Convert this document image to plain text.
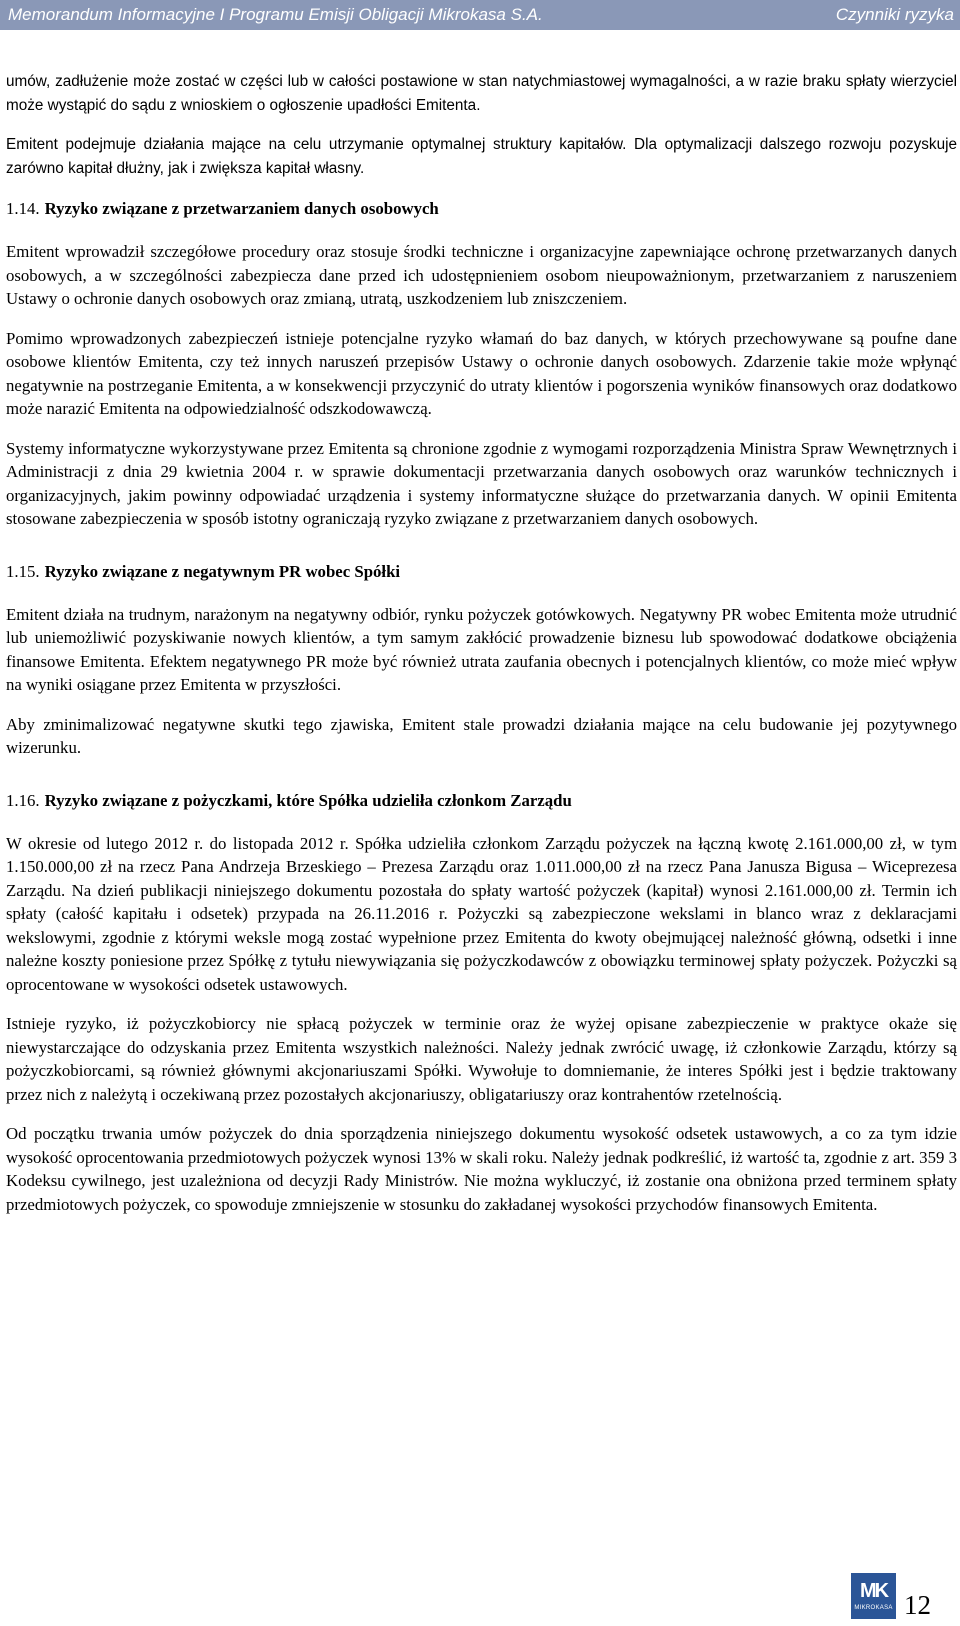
Memorandum Informacyjne I Programu Emisji Obligacji Mikrokasa S.A.	Czynniki ryzyka

umów, zadłużenie może zostać w części lub w całości postawione w stan natychmiastowej wymagalności, a w razie braku spłaty wierzyciel może wystąpić do sądu z wnioskiem o ogłoszenie upadłości Emitenta.

Emitent podejmuje działania mające na celu utrzymanie optymalnej struktury kapitałów. Dla optymalizacji dalszego rozwoju pozyskuje zarówno kapitał dłużny, jak i zwiększa kapitał własny.

1.14. Ryzyko związane z przetwarzaniem danych osobowych

Emitent wprowadził szczegółowe procedury oraz stosuje środki techniczne i organizacyjne zapewniające ochronę przetwarzanych danych osobowych, a w szczególności zabezpiecza dane przed ich udostępnieniem osobom nieupoważnionym, przetwarzaniem z naruszeniem Ustawy o ochronie danych osobowych oraz zmianą, utratą, uszkodzeniem lub zniszczeniem.

Pomimo wprowadzonych zabezpieczeń istnieje potencjalne ryzyko włamań do baz danych, w których przechowywane są poufne dane osobowe klientów Emitenta, czy też innych naruszeń przepisów Ustawy o ochronie danych osobowych. Zdarzenie takie może wpłynąć negatywnie na postrzeganie Emitenta, a w konsekwencji przyczynić do utraty klientów i pogorszenia wyników finansowych oraz dodatkowo może narazić Emitenta na odpowiedzialność odszkodowawczą.

Systemy informatyczne wykorzystywane przez Emitenta są chronione zgodnie z wymogami rozporządzenia Ministra Spraw Wewnętrznych i Administracji z dnia 29 kwietnia 2004 r. w sprawie dokumentacji przetwarzania danych osobowych oraz warunków technicznych i organizacyjnych, jakim powinny odpowiadać urządzenia i systemy informatyczne służące do przetwarzania danych. W opinii Emitenta stosowane zabezpieczenia w sposób istotny ograniczają ryzyko związane z przetwarzaniem danych osobowych.

1.15. Ryzyko związane z negatywnym PR wobec Spółki

Emitent działa na trudnym, narażonym na negatywny odbiór, rynku pożyczek gotówkowych. Negatywny PR wobec Emitenta może utrudnić lub uniemożliwić pozyskiwanie nowych klientów, a tym samym zakłócić prowadzenie biznesu lub spowodować dodatkowe obciążenia finansowe Emitenta. Efektem negatywnego PR może być również utrata zaufania obecnych i potencjalnych klientów, co może mieć wpływ na wyniki osiągane przez Emitenta w przyszłości.

Aby zminimalizować negatywne skutki tego zjawiska, Emitent stale prowadzi działania mające na celu budowanie jej pozytywnego wizerunku.

1.16. Ryzyko związane z pożyczkami, które Spółka udzieliła członkom Zarządu

W okresie od lutego 2012 r. do listopada 2012 r. Spółka udzieliła członkom Zarządu pożyczek na łączną kwotę 2.161.000,00 zł, w tym 1.150.000,00 zł na rzecz Pana Andrzeja Brzeskiego – Prezesa Zarządu oraz 1.011.000,00 zł na rzecz Pana Janusza Bigusa – Wiceprezesa Zarządu. Na dzień publikacji niniejszego dokumentu pozostała do spłaty wartość pożyczek (kapitał) wynosi 2.161.000,00 zł. Termin ich spłaty (całość kapitału i odsetek) przypada na 26.11.2016 r. Pożyczki są zabezpieczone wekslami in blanco wraz z deklaracjami wekslowymi, zgodnie z którymi weksle mogą zostać wypełnione przez Emitenta do kwoty obejmującej należność główną, odsetki i inne należne koszty poniesione przez Spółkę z tytułu niewywiązania się pożyczkodawców z obowiązku terminowej spłaty pożyczek. Pożyczki są oprocentowane w wysokości odsetek ustawowych.

Istnieje ryzyko, iż pożyczkobiorcy nie spłacą pożyczek w terminie oraz że wyżej opisane zabezpieczenie w praktyce okaże się niewystarczające do odzyskania przez Emitenta wszystkich należności. Należy jednak zwrócić uwagę, iż członkowie Zarządu, którzy są pożyczkobiorcami, są również głównymi akcjonariuszami Spółki. Wywołuje to domniemanie, że interes Spółki jest i będzie traktowany przez nich z należytą i oczekiwaną przez pozostałych akcjonariuszy, obligatariuszy oraz kontrahentów rzetelnością.

Od początku trwania umów pożyczek do dnia sporządzenia niniejszego dokumentu wysokość odsetek ustawowych, a co za tym idzie wysokość oprocentowania przedmiotowych pożyczek wynosi 13% w skali roku. Należy jednak podkreślić, iż wartość ta, zgodnie z art. 359 3 Kodeksu cywilnego, jest uzależniona od decyzji Rady Ministrów. Nie można wykluczyć, iż zostanie ona obniżona przed terminem spłaty przedmiotowych pożyczek, co spowoduje zmniejszenie w stosunku do zakładanej wysokości przychodów finansowych Emitenta.

MK
MIKROKASA 12
